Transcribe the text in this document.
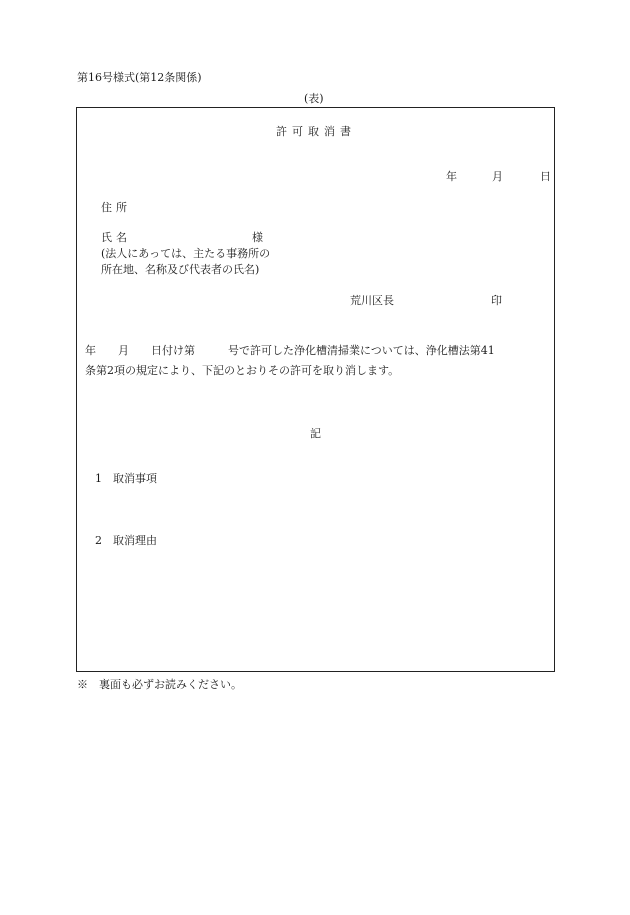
第16号様式(第12条関係)
(表)
許可取消書
年	月	日
住所
氏名	様
(法人にあっては、主たる事務所の
所在地、名称及び代表者の氏名)
荒川区長	印
年　　月　　日付け第　　　号で許可した浄化槽清掃業については、浄化槽法第41
条第2項の規定により、下記のとおりその許可を取り消します。
記
1　取消事項
2　取消理由
※　裏面も必ずお読みください。
